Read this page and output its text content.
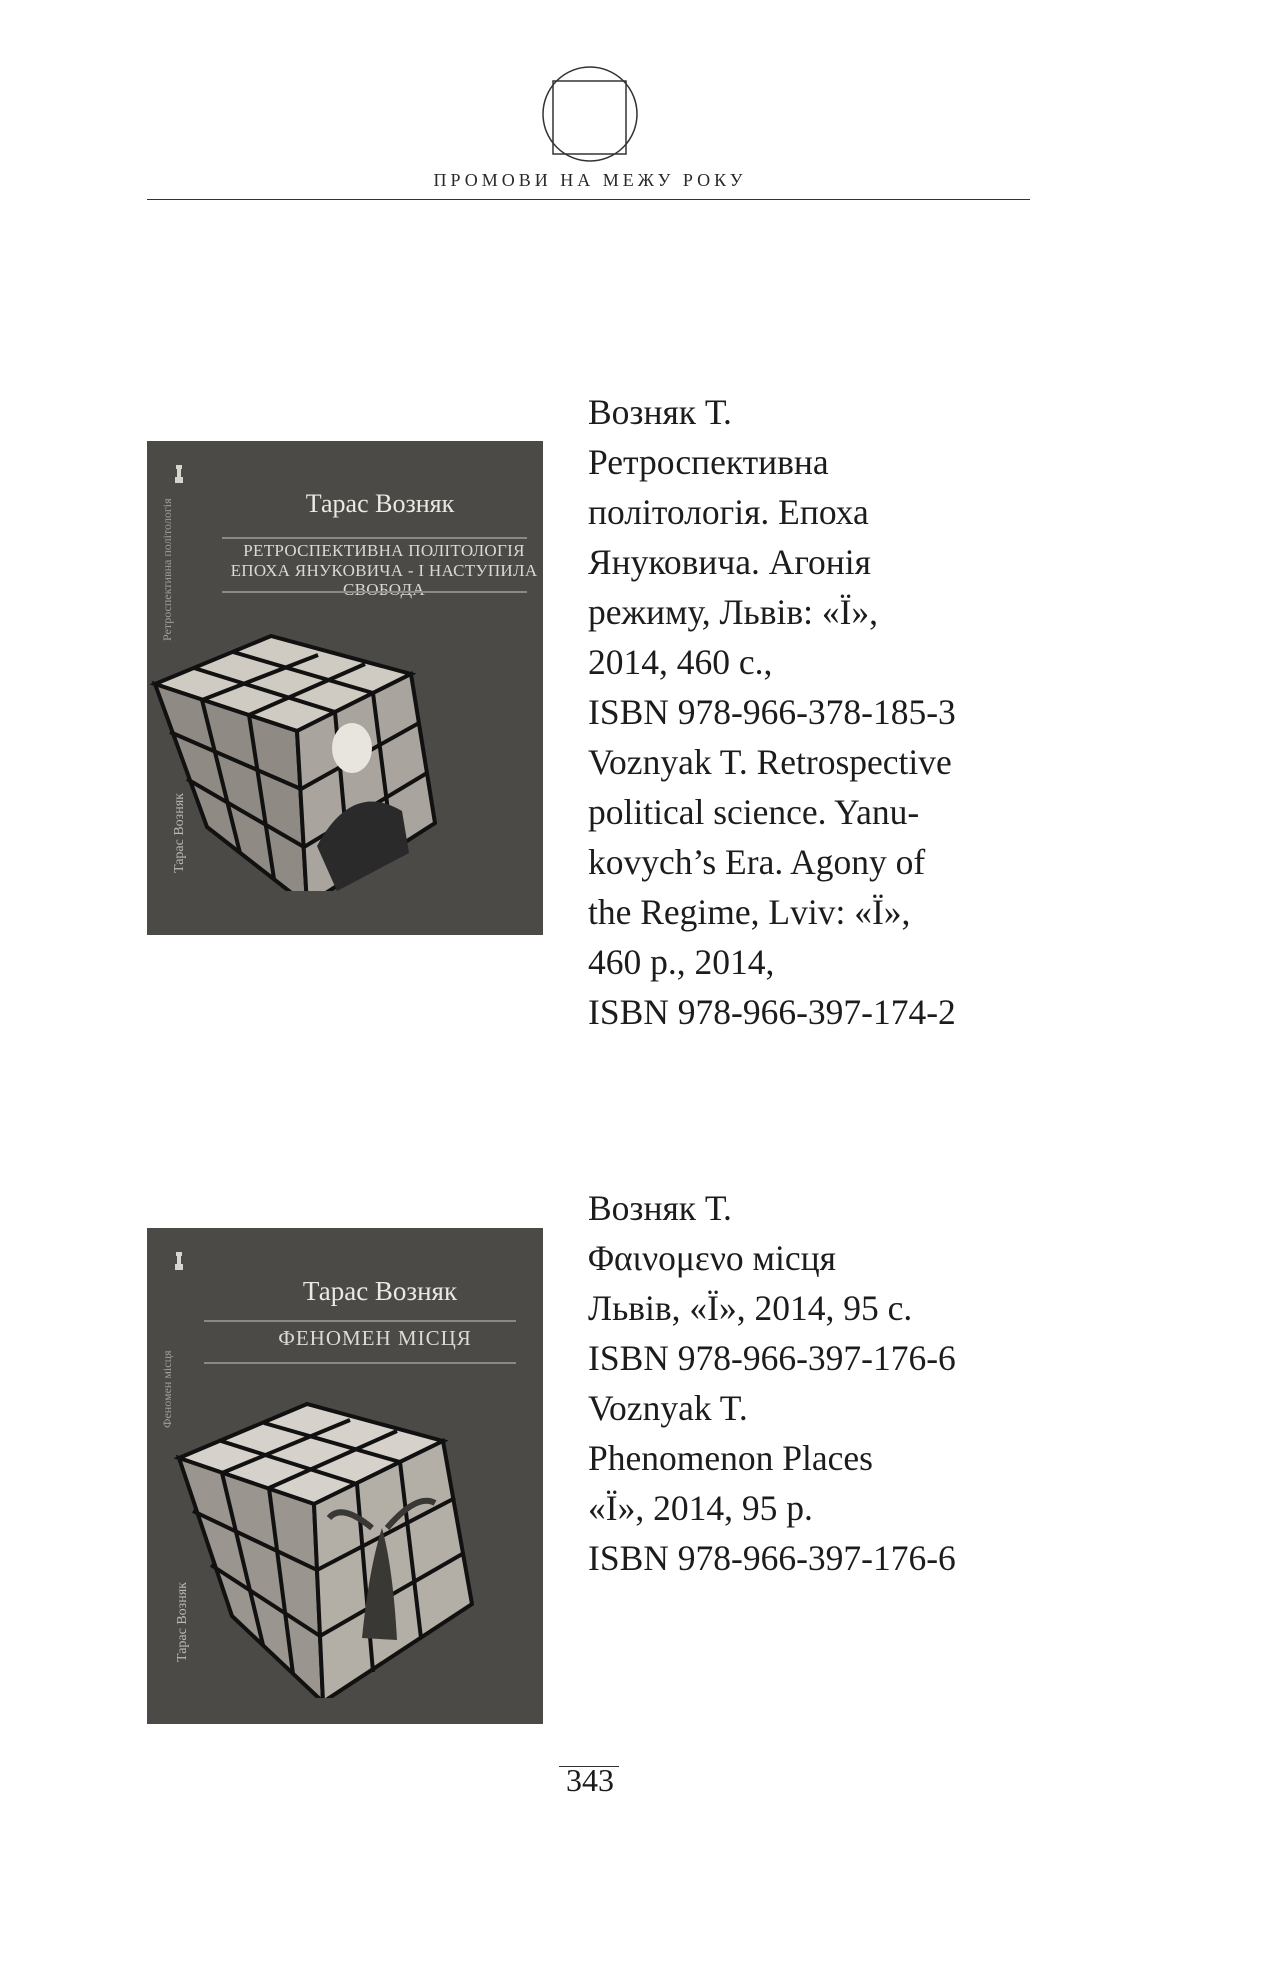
ПРОМОВИ НА МЕЖУ РОКУ
Ретроспективна політологія	Тарас Возняк
РЕТРОСПЕКТИВНА ПОЛІТОЛОГІЯ
ЕПОХА ЯНУКОВИЧА - І НАСТУПИЛА СВОБОДА
Тарас Возняк
Возняк Т.
Ретроспективна
політологія. Епоха
Януковича. Агонія
режиму, Львів: «Ї»,
2014, 460 с.,
ISBN 978-966-378-185-3
Voznyak T. Retrospective
political science. Yanu-
kovych’s Era. Agony of
the Regime, Lviv: «Ї»,
460 p., 2014,
ISBN 978-966-397-174-2
Феномен місця
Тарас Возняк
ФЕНОМЕН МІСЦЯ
Тарас Возняк
Возняк Т.
Φαινομενο місця
Львів, «Ї», 2014, 95 с.
ISBN 978-966-397-176-6
Voznyak T.
Phenomenon Places
«Ї», 2014, 95 p.
ISBN 978-966-397-176-6
343
